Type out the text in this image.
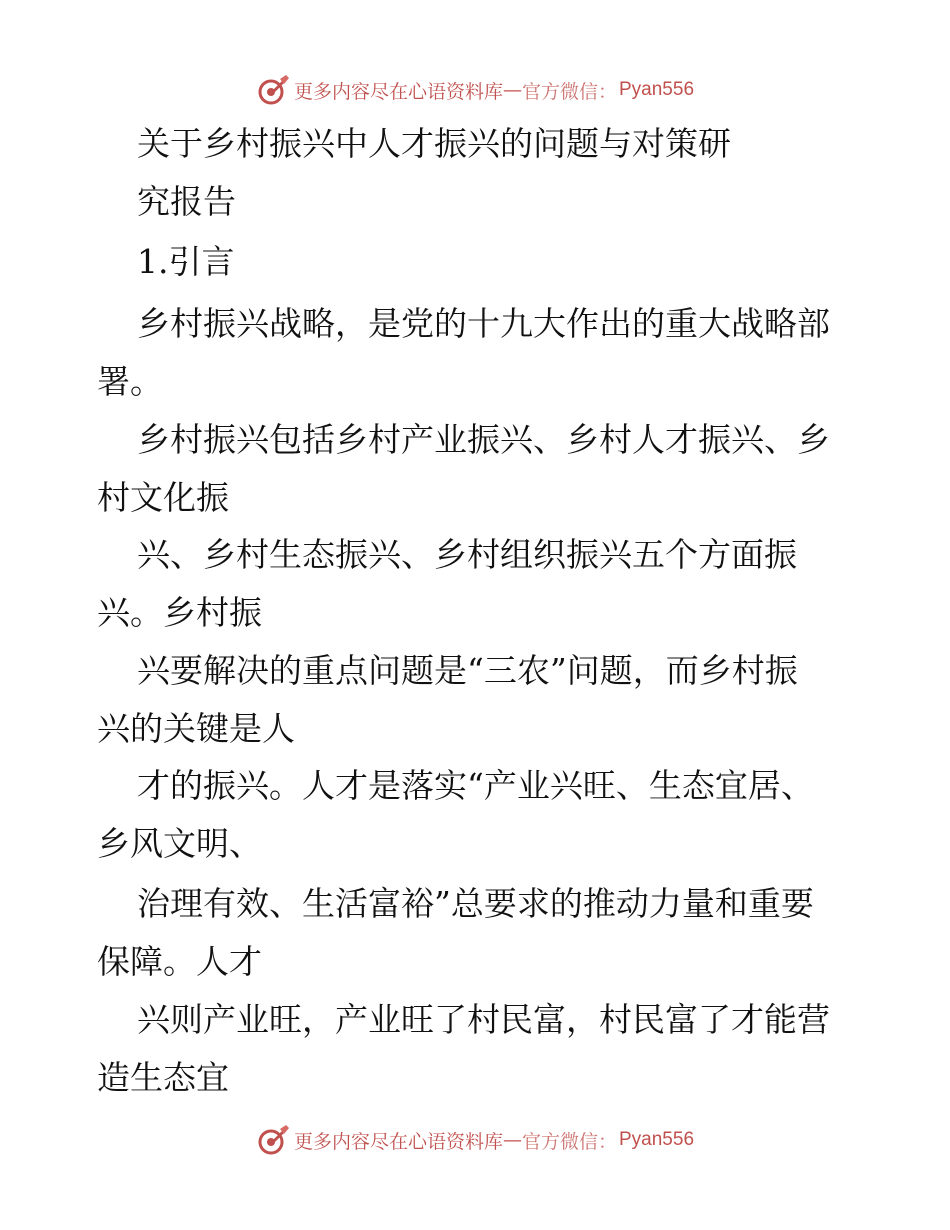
更多内容尽在心语资料库 — 官方微信： Pyan556
关于乡村振兴中人才振兴的问题与对策研
究报告
1.引言
乡村振兴战略，是党的十九大作出的重大战略部
署。
乡村振兴包括乡村产业振兴、乡村人才振兴、乡
村文化振
兴、乡村生态振兴、乡村组织振兴五个方面振
兴。乡村振
兴要解决的重点问题是“三农”问题，而乡村振
兴的关键是人
才的振兴。人才是落实“产业兴旺、生态宜居、
乡风文明、
治理有效、生活富裕”总要求的推动力量和重要
保障。人才
兴则产业旺，产业旺了村民富，村民富了才能营
造生态宜
更多内容尽在心语资料库 — 官方微信： Pyan556
